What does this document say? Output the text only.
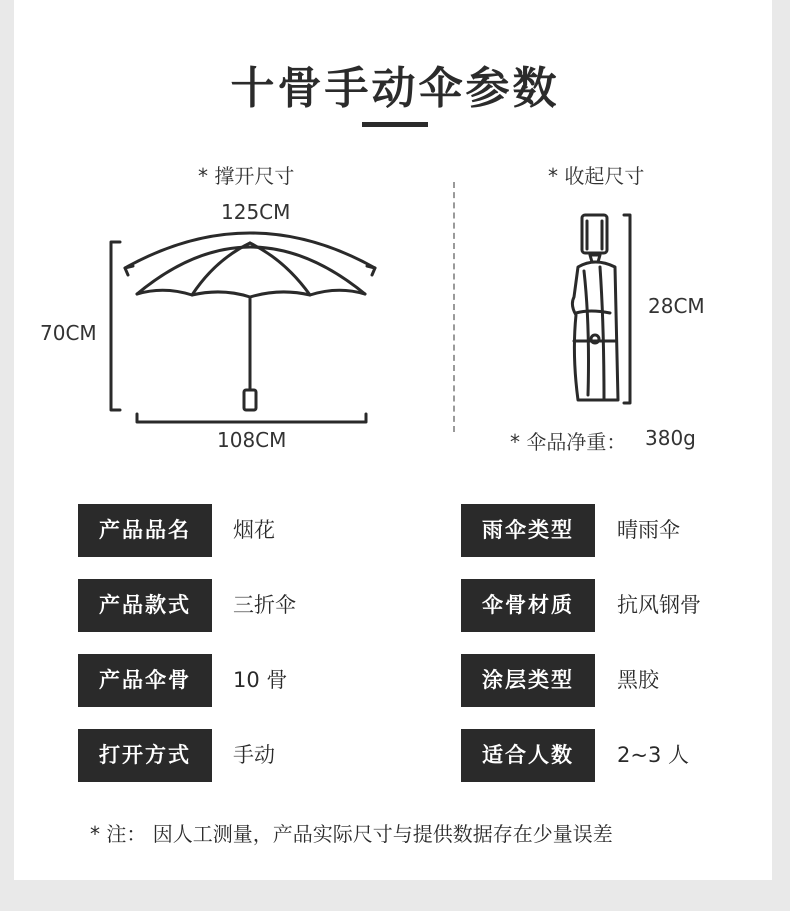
十骨手动伞参数
* 撑开尺寸
125CM
70CM
108CM
* 收起尺寸
28CM
* 伞品净重： 380g
产品品名	烟花	雨伞类型	晴雨伞
产品款式	三折伞	伞骨材质	抗风钢骨
产品伞骨	10 骨	涂层类型	黑胶
打开方式	手动	适合人数	2~3 人
* 注： 因人工测量，产品实际尺寸与提供数据存在少量误差
